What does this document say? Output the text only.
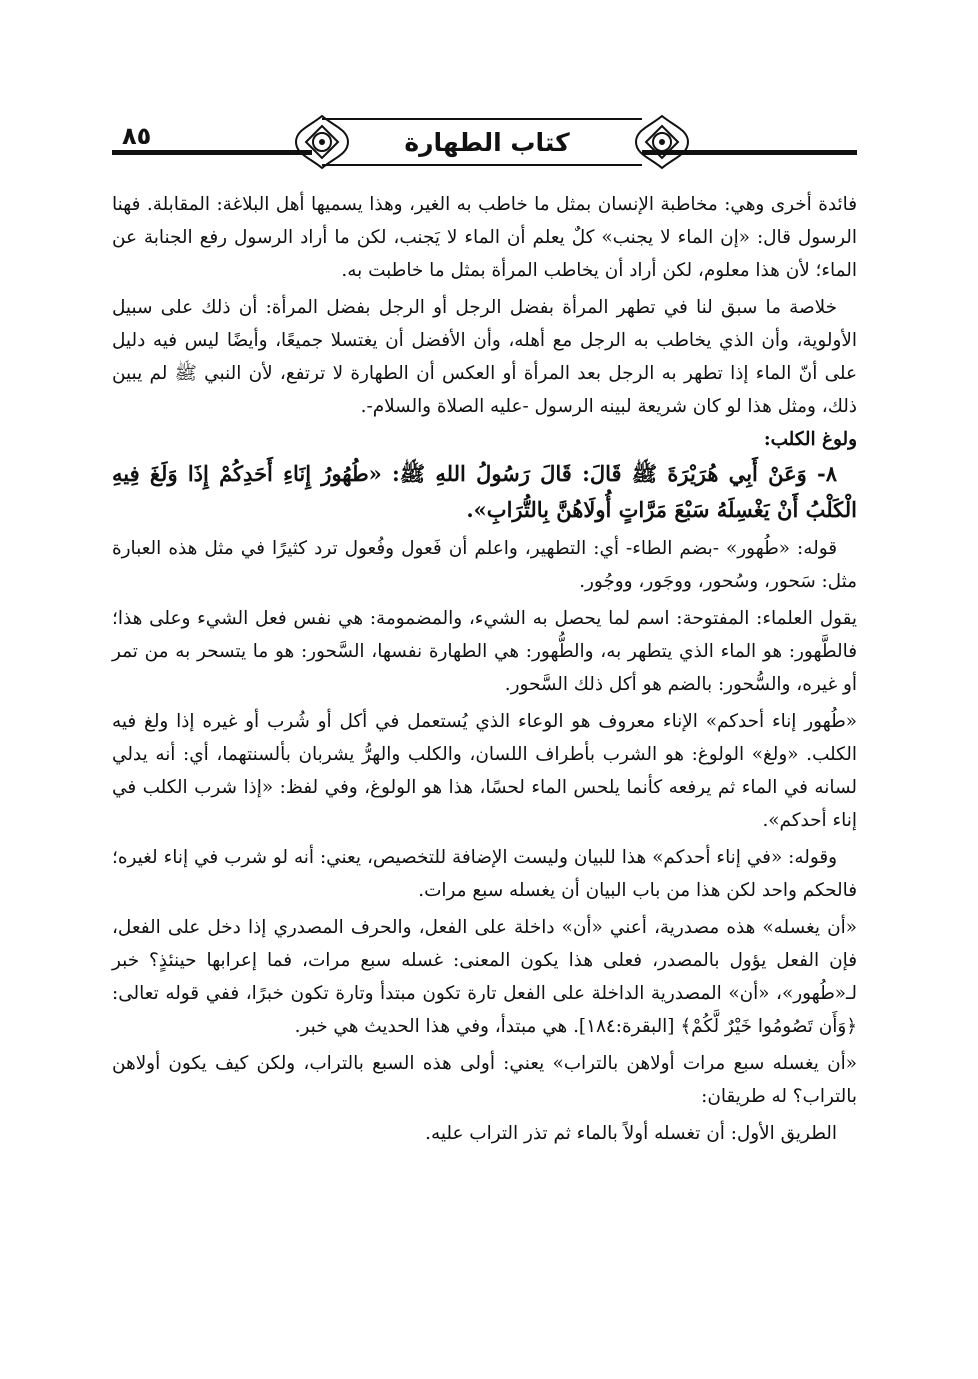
٨٥	كتاب الطهارة

فائدة أخرى وهي: مخاطبة الإنسان بمثل ما خاطب به الغير، وهذا يسميها أهل البلاغة: المقابلة. فهنا الرسول قال: «إن الماء لا يجنب» كلٌ يعلم أن الماء لا يَجنب، لكن ما أراد الرسول رفع الجنابة عن الماء؛ لأن هذا معلوم، لكن أراد أن يخاطب المرأة بمثل ما خاطبت به.

خلاصة ما سبق لنا في تطهر المرأة بفضل الرجل أو الرجل بفضل المرأة: أن ذلك على سبيل الأولوية، وأن الذي يخاطب به الرجل مع أهله، وأن الأفضل أن يغتسلا جميعًا، وأيضًا ليس فيه دليل على أنّ الماء إذا تطهر به الرجل بعد المرأة أو العكس أن الطهارة لا ترتفع، لأن النبي ﷺ لم يبين ذلك، ومثل هذا لو كان شريعة لبينه الرسول -عليه الصلاة والسلام-.

ولوغ الكلب:

٨- وَعَنْ أَبِي هُرَيْرَةَ ﷺ قَالَ: قَالَ رَسُولُ اللهِ ﷺ: «طُهُورُ إِنَاءِ أَحَدِكُمْ إِذَا وَلَغَ فِيهِ الْكَلْبُ أَنْ يَغْسِلَهُ سَبْعَ مَرَّاتٍ أُولَاهُنَّ بِالتُّرَابِ».

قوله: «طُهور» -بضم الطاء- أي: التطهير، واعلم أن فَعول وفُعول ترد كثيرًا في مثل هذه العبارة مثل: سَحور، وسُحور، ووجَور، ووجُور.

يقول العلماء: المفتوحة: اسم لما يحصل به الشيء، والمضمومة: هي نفس فعل الشيء وعلى هذا؛ فالطَّهور: هو الماء الذي يتطهر به، والطُّهور: هي الطهارة نفسها، السَّحور: هو ما يتسحر به من تمر أو غيره، والسُّحور: بالضم هو أكل ذلك السَّحور.

«طُهور إناء أحدكم» الإناء معروف هو الوعاء الذي يُستعمل في أكل أو شُرب أو غيره إذا ولغ فيه الكلب. «ولغ» الولوغ: هو الشرب بأطراف اللسان، والكلب والهرُّ يشربان بألسنتهما، أي: أنه يدلي لسانه في الماء ثم يرفعه كأنما يلحس الماء لحسًا، هذا هو الولوغ، وفي لفظ: «إذا شرب الكلب في إناء أحدكم».

وقوله: «في إناء أحدكم» هذا للبيان وليست الإضافة للتخصيص، يعني: أنه لو شرب في إناء لغيره؛ فالحكم واحد لكن هذا من باب البيان أن يغسله سبع مرات.

«أن يغسله» هذه مصدرية، أعني «أن» داخلة على الفعل، والحرف المصدري إذا دخل على الفعل، فإن الفعل يؤول بالمصدر، فعلى هذا يكون المعنى: غسله سبع مرات، فما إعرابها حينئذٍ؟ خبر لـ«طُهور»، «أن» المصدرية الداخلة على الفعل تارة تكون مبتدأ وتارة تكون خبرًا، ففي قوله تعالى: ﴿وَأَن تَصُومُوا خَيْرٌ لَّكُمْ﴾ [البقرة:١٨٤]. هي مبتدأ، وفي هذا الحديث هي خبر.

«أن يغسله سبع مرات أولاهن بالتراب» يعني: أولى هذه السبع بالتراب، ولكن كيف يكون أولاهن بالتراب؟ له طريقان:

الطريق الأول: أن تغسله أولاً بالماء ثم تذر التراب عليه.
